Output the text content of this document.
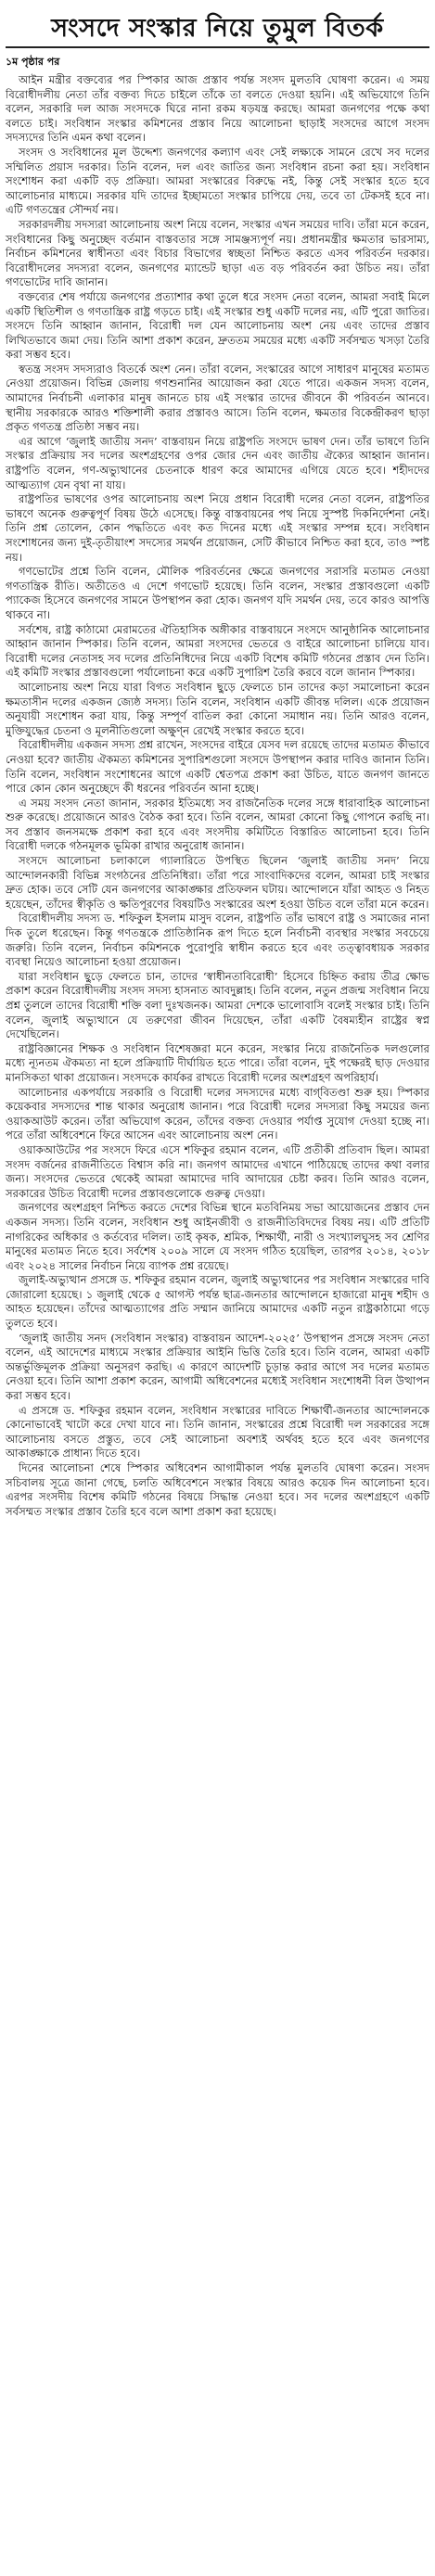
সংসদে সংস্কার নিয়ে তুমুল বিতর্ক
১ম পৃষ্ঠার পর

আইন মন্ত্রীর বক্তব্যের পর স্পিকার আজ প্রস্তাব পর্যন্ত সংসদ মুলতবি ঘোষণা করেন। এ সময় বিরোধীদলীয় নেতা তাঁর বক্তব্য দিতে চাইলে তাঁকে তা বলতে দেওয়া হয়নি। এই অভিযোগে তিনি বলেন, সরকারি দল আজ সংসদকে ঘিরে নানা রকম ষড়যন্ত্র করছে। আমরা জনগণের পক্ষে কথা বলতে চাই। সংবিধান সংস্কার কমিশনের প্রস্তাব নিয়ে আলোচনা ছাড়াই সংসদের আগে সংসদ সদস্যদের তিনি এমন কথা বলেন।

সংসদ ও সংবিধানের মূল উদ্দেশ্য জনগণের কল্যাণ এবং সেই লক্ষ্যকে সামনে রেখে সব দলের সম্মিলিত প্রয়াস দরকার। তিনি বলেন, দল এবং জাতির জন্য সংবিধান রচনা করা হয়। সংবিধান সংশোধন করা একটি বড় প্রক্রিয়া। আমরা সংস্কারের বিরুদ্ধে নই, কিন্তু সেই সংস্কার হতে হবে আলোচনার মাধ্যমে। সরকার যদি তাদের ইচ্ছামতো সংস্কার চাপিয়ে দেয়, তবে তা টেকসই হবে না। এটি গণতন্ত্রের সৌন্দর্য নয়।

সরকারদলীয় সদস্যরা আলোচনায় অংশ নিয়ে বলেন, সংস্কার এখন সময়ের দাবি। তাঁরা মনে করেন, সংবিধানের কিছু অনুচ্ছেদ বর্তমান বাস্তবতার সঙ্গে সামঞ্জস্যপূর্ণ নয়। প্রধানমন্ত্রীর ক্ষমতার ভারসাম্য, নির্বাচন কমিশনের স্বাধীনতা এবং বিচার বিভাগের স্বচ্ছতা নিশ্চিত করতে এসব পরিবর্তন দরকার। বিরোধীদলের সদস্যরা বলেন, জনগণের ম্যান্ডেট ছাড়া এত বড় পরিবর্তন করা উচিত নয়। তাঁরা গণভোটের দাবি জানান।

বক্তব্যের শেষ পর্যায়ে জনগণের প্রত্যাশার কথা তুলে ধরে সংসদ নেতা বলেন, আমরা সবাই মিলে একটি স্থিতিশীল ও গণতান্ত্রিক রাষ্ট্র গড়তে চাই। এই সংস্কার শুধু একটি দলের নয়, এটি পুরো জাতির। সংসদে তিনি আহ্বান জানান, বিরোধী দল যেন আলোচনায় অংশ নেয় এবং তাদের প্রস্তাব লিখিতভাবে জমা দেয়। তিনি আশা প্রকাশ করেন, দ্রুততম সময়ের মধ্যে একটি সর্বসম্মত খসড়া তৈরি করা সম্ভব হবে।

স্বতন্ত্র সংসদ সদস্যরাও বিতর্কে অংশ নেন। তাঁরা বলেন, সংস্কারের আগে সাধারণ মানুষের মতামত নেওয়া প্রয়োজন। বিভিন্ন জেলায় গণশুনানির আয়োজন করা যেতে পারে। একজন সদস্য বলেন, আমাদের নির্বাচনী এলাকার মানুষ জানতে চায় এই সংস্কার তাদের জীবনে কী পরিবর্তন আনবে। স্থানীয় সরকারকে আরও শক্তিশালী করার প্রস্তাবও আসে। তিনি বলেন, ক্ষমতার বিকেন্দ্রীকরণ ছাড়া প্রকৃত গণতন্ত্র প্রতিষ্ঠা সম্ভব নয়।

এর আগে ‘জুলাই জাতীয় সনদ’ বাস্তবায়ন নিয়ে রাষ্ট্রপতি সংসদে ভাষণ দেন। তাঁর ভাষণে তিনি সংস্কার প্রক্রিয়ায় সব দলের অংশগ্রহণের ওপর জোর দেন এবং জাতীয় ঐক্যের আহ্বান জানান। রাষ্ট্রপতি বলেন, গণ-অভ্যুত্থানের চেতনাকে ধারণ করে আমাদের এগিয়ে যেতে হবে। শহীদদের আত্মত্যাগ যেন বৃথা না যায়।

রাষ্ট্রপতির ভাষণের ওপর আলোচনায় অংশ নিয়ে প্রধান বিরোধী দলের নেতা বলেন, রাষ্ট্রপতির ভাষণে অনেক গুরুত্বপূর্ণ বিষয় উঠে এসেছে। কিন্তু বাস্তবায়নের পথ নিয়ে সুস্পষ্ট দিকনির্দেশনা নেই। তিনি প্রশ্ন তোলেন, কোন পদ্ধতিতে এবং কত দিনের মধ্যে এই সংস্কার সম্পন্ন হবে। সংবিধান সংশোধনের জন্য দুই-তৃতীয়াংশ সদস্যের সমর্থন প্রয়োজন, সেটি কীভাবে নিশ্চিত করা হবে, তাও স্পষ্ট নয়।

গণভোটের প্রশ্নে তিনি বলেন, মৌলিক পরিবর্তনের ক্ষেত্রে জনগণের সরাসরি মতামত নেওয়া গণতান্ত্রিক রীতি। অতীতেও এ দেশে গণভোট হয়েছে। তিনি বলেন, সংস্কার প্রস্তাবগুলো একটি প্যাকেজ হিসেবে জনগণের সামনে উপস্থাপন করা হোক। জনগণ যদি সমর্থন দেয়, তবে কারও আপত্তি থাকবে না।

সর্বশেষ, রাষ্ট্র কাঠামো মেরামতের ঐতিহাসিক অঙ্গীকার বাস্তবায়নে সংসদে আনুষ্ঠানিক আলোচনার আহ্বান জানান স্পিকার। তিনি বলেন, আমরা সংসদের ভেতরে ও বাইরে আলোচনা চালিয়ে যাব। বিরোধী দলের নেতাসহ সব দলের প্রতিনিধিদের নিয়ে একটি বিশেষ কমিটি গঠনের প্রস্তাব দেন তিনি। এই কমিটি সংস্কার প্রস্তাবগুলো পর্যালোচনা করে একটি সুপারিশ তৈরি করবে বলে জানান স্পিকার।

আলোচনায় অংশ নিয়ে যারা বিগত সংবিধান ছুড়ে ফেলতে চান তাদের কড়া সমালোচনা করেন ক্ষমতাসীন দলের একজন জ্যেষ্ঠ সদস্য। তিনি বলেন, সংবিধান একটি জীবন্ত দলিল। একে প্রয়োজন অনুযায়ী সংশোধন করা যায়, কিন্তু সম্পূর্ণ বাতিল করা কোনো সমাধান নয়। তিনি আরও বলেন, মুক্তিযুদ্ধের চেতনা ও মূলনীতিগুলো অক্ষুণ্ন রেখেই সংস্কার করতে হবে।

বিরোধীদলীয় একজন সদস্য প্রশ্ন রাখেন, সংসদের বাইরে যেসব দল রয়েছে তাদের মতামত কীভাবে নেওয়া হবে? জাতীয় ঐকমত্য কমিশনের সুপারিশগুলো সংসদে উপস্থাপন করার দাবিও জানান তিনি। তিনি বলেন, সংবিধান সংশোধনের আগে একটি শ্বেতপত্র প্রকাশ করা উচিত, যাতে জনগণ জানতে পারে কোন কোন অনুচ্ছেদে কী ধরনের পরিবর্তন আনা হচ্ছে।

এ সময় সংসদ নেতা জানান, সরকার ইতিমধ্যে সব রাজনৈতিক দলের সঙ্গে ধারাবাহিক আলোচনা শুরু করেছে। প্রয়োজনে আরও বৈঠক করা হবে। তিনি বলেন, আমরা কোনো কিছু গোপনে করছি না। সব প্রস্তাব জনসমক্ষে প্রকাশ করা হবে এবং সংসদীয় কমিটিতে বিস্তারিত আলোচনা হবে। তিনি বিরোধী দলকে গঠনমূলক ভূমিকা রাখার অনুরোধ জানান।

সংসদে আলোচনা চলাকালে গ্যালারিতে উপস্থিত ছিলেন ‘জুলাই জাতীয় সনদ’ নিয়ে আন্দোলনকারী বিভিন্ন সংগঠনের প্রতিনিধিরা। তাঁরা পরে সাংবাদিকদের বলেন, আমরা চাই সংস্কার দ্রুত হোক। তবে সেটি যেন জনগণের আকাঙ্ক্ষার প্রতিফলন ঘটায়। আন্দোলনে যাঁরা আহত ও নিহত হয়েছেন, তাঁদের স্বীকৃতি ও ক্ষতিপূরণের বিষয়টিও সংস্কারের অংশ হওয়া উচিত বলে তাঁরা মনে করেন।

বিরোধীদলীয় সদস্য ড. শফিকুল ইসলাম মাসুদ বলেন, রাষ্ট্রপতি তাঁর ভাষণে রাষ্ট্র ও সমাজের নানা দিক তুলে ধরেছেন। কিন্তু গণতন্ত্রকে প্রাতিষ্ঠানিক রূপ দিতে হলে নির্বাচনী ব্যবস্থার সংস্কার সবচেয়ে জরুরি। তিনি বলেন, নির্বাচন কমিশনকে পুরোপুরি স্বাধীন করতে হবে এবং তত্ত্বাবধায়ক সরকার ব্যবস্থা নিয়েও আলোচনা হওয়া প্রয়োজন।

যারা সংবিধান ছুড়ে ফেলতে চান, তাদের ‘স্বাধীনতাবিরোধী’ হিসেবে চিহ্নিত করায় তীব্র ক্ষোভ প্রকাশ করেন বিরোধীদলীয় সংসদ সদস্য হাসনাত আবদুল্লাহ। তিনি বলেন, নতুন প্রজন্ম সংবিধান নিয়ে প্রশ্ন তুললে তাদের বিরোধী শক্তি বলা দুঃখজনক। আমরা দেশকে ভালোবাসি বলেই সংস্কার চাই। তিনি বলেন, জুলাই অভ্যুত্থানে যে তরুণেরা জীবন দিয়েছেন, তাঁরা একটি বৈষম্যহীন রাষ্ট্রের স্বপ্ন দেখেছিলেন।

রাষ্ট্রবিজ্ঞানের শিক্ষক ও সংবিধান বিশেষজ্ঞরা মনে করেন, সংস্কার নিয়ে রাজনৈতিক দলগুলোর মধ্যে ন্যূনতম ঐকমত্য না হলে প্রক্রিয়াটি দীর্ঘায়িত হতে পারে। তাঁরা বলেন, দুই পক্ষেরই ছাড় দেওয়ার মানসিকতা থাকা প্রয়োজন। সংসদকে কার্যকর রাখতে বিরোধী দলের অংশগ্রহণ অপরিহার্য।

আলোচনার একপর্যায়ে সরকারি ও বিরোধী দলের সদস্যদের মধ্যে বাগ্‌বিতণ্ডা শুরু হয়। স্পিকার কয়েকবার সদস্যদের শান্ত থাকার অনুরোধ জানান। পরে বিরোধী দলের সদস্যরা কিছু সময়ের জন্য ওয়াকআউট করেন। তাঁরা অভিযোগ করেন, তাঁদের বক্তব্য দেওয়ার পর্যাপ্ত সুযোগ দেওয়া হচ্ছে না। পরে তাঁরা অধিবেশনে ফিরে আসেন এবং আলোচনায় অংশ নেন।

ওয়াকআউটের পর সংসদে ফিরে এসে শফিকুর রহমান বলেন, এটি প্রতীকী প্রতিবাদ ছিল। আমরা সংসদ বর্জনের রাজনীতিতে বিশ্বাস করি না। জনগণ আমাদের এখানে পাঠিয়েছে তাদের কথা বলার জন্য। সংসদের ভেতরে থেকেই আমরা আমাদের দাবি আদায়ের চেষ্টা করব। তিনি আরও বলেন, সরকারের উচিত বিরোধী দলের প্রস্তাবগুলোকে গুরুত্ব দেওয়া।

জনগণের অংশগ্রহণ নিশ্চিত করতে দেশের বিভিন্ন স্থানে মতবিনিময় সভা আয়োজনের প্রস্তাব দেন একজন সদস্য। তিনি বলেন, সংবিধান শুধু আইনজীবী ও রাজনীতিবিদদের বিষয় নয়। এটি প্রতিটি নাগরিকের অধিকার ও কর্তব্যের দলিল। তাই কৃষক, শ্রমিক, শিক্ষার্থী, নারী ও সংখ্যালঘুসহ সব শ্রেণির মানুষের মতামত নিতে হবে। সর্বশেষ ২০০৯ সালে যে সংসদ গঠিত হয়েছিল, তারপর ২০১৪, ২০১৮ এবং ২০২৪ সালের নির্বাচন নিয়ে ব্যাপক প্রশ্ন রয়েছে।

জুলাই-অভ্যুত্থান প্রসঙ্গে ড. শফিকুর রহমান বলেন, জুলাই অভ্যুত্থানের পর সংবিধান সংস্কারের দাবি জোরালো হয়েছে। ১ জুলাই থেকে ৫ আগস্ট পর্যন্ত ছাত্র-জনতার আন্দোলনে হাজারো মানুষ শহীদ ও আহত হয়েছেন। তাঁদের আত্মত্যাগের প্রতি সম্মান জানিয়ে আমাদের একটি নতুন রাষ্ট্রকাঠামো গড়ে তুলতে হবে।

‘জুলাই জাতীয় সনদ (সংবিধান সংস্কার) বাস্তবায়ন আদেশ-২০২৫’ উপস্থাপন প্রসঙ্গে সংসদ নেতা বলেন, এই আদেশের মাধ্যমে সংস্কার প্রক্রিয়ার আইনি ভিত্তি তৈরি হবে। তিনি বলেন, আমরা একটি অন্তর্ভুক্তিমূলক প্রক্রিয়া অনুসরণ করছি। এ কারণে আদেশটি চূড়ান্ত করার আগে সব দলের মতামত নেওয়া হবে। তিনি আশা প্রকাশ করেন, আগামী অধিবেশনের মধ্যেই সংবিধান সংশোধনী বিল উত্থাপন করা সম্ভব হবে।

এ প্রসঙ্গে ড. শফিকুর রহমান বলেন, সংবিধান সংস্কারের দাবিতে শিক্ষার্থী-জনতার আন্দোলনকে কোনোভাবেই খাটো করে দেখা যাবে না। তিনি জানান, সংস্কারের প্রশ্নে বিরোধী দল সরকারের সঙ্গে আলোচনায় বসতে প্রস্তুত, তবে সেই আলোচনা অবশ্যই অর্থবহ হতে হবে এবং জনগণের আকাঙ্ক্ষাকে প্রাধান্য দিতে হবে।

দিনের আলোচনা শেষে স্পিকার অধিবেশন আগামীকাল পর্যন্ত মুলতবি ঘোষণা করেন। সংসদ সচিবালয় সূত্রে জানা গেছে, চলতি অধিবেশনে সংস্কার বিষয়ে আরও কয়েক দিন আলোচনা হবে। এরপর সংসদীয় বিশেষ কমিটি গঠনের বিষয়ে সিদ্ধান্ত নেওয়া হবে। সব দলের অংশগ্রহণে একটি সর্বসম্মত সংস্কার প্রস্তাব তৈরি হবে বলে আশা প্রকাশ করা হয়েছে।
